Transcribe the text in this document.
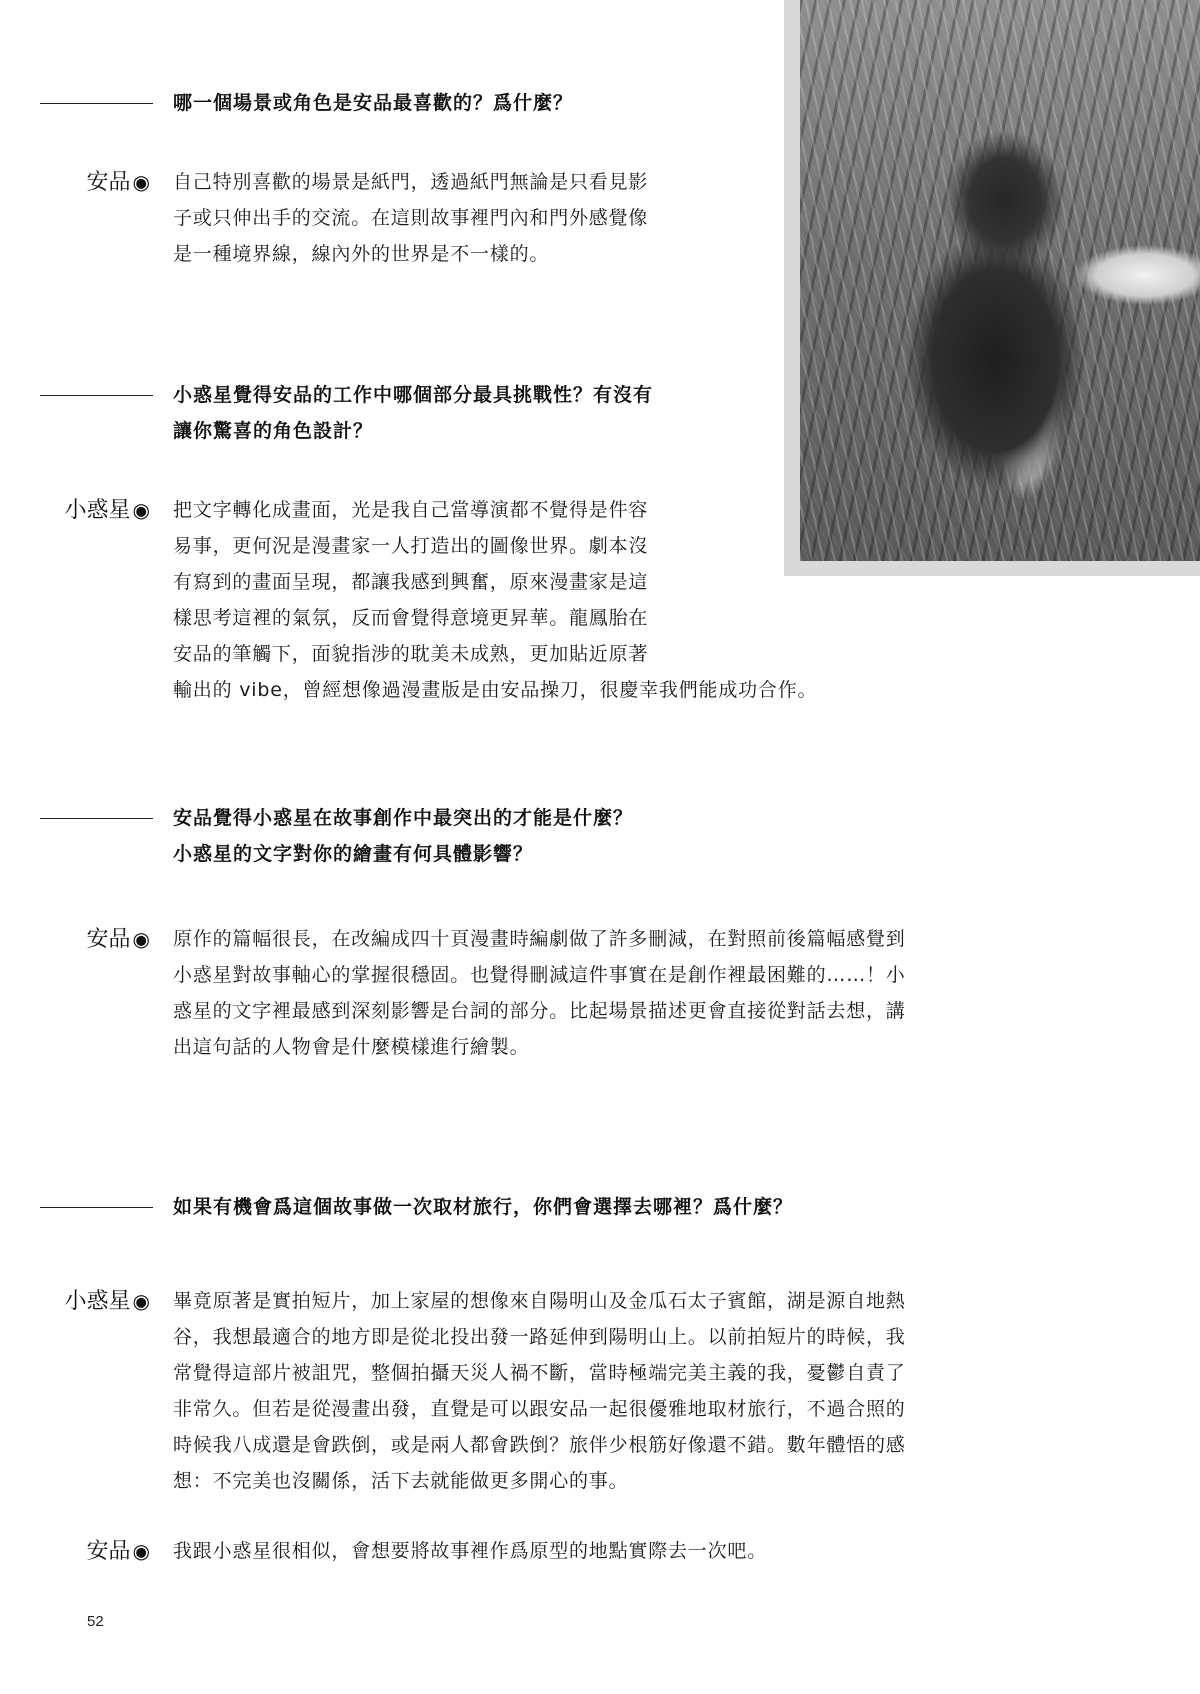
哪一個場景或角色是安品最喜歡的？爲什麼？
安品 ◉ 自己特別喜歡的場景是紙門，透過紙門無論是只看見影
子或只伸出手的交流。在這則故事裡門內和門外感覺像
是一種境界線，線內外的世界是不一樣的。
小惑星覺得安品的工作中哪個部分最具挑戰性？有沒有
讓你驚喜的角色設計？
小惑星 ◉ 把文字轉化成畫面，光是我自己當導演都不覺得是件容
易事，更何況是漫畫家一人打造出的圖像世界。劇本沒
有寫到的畫面呈現，都讓我感到興奮，原來漫畫家是這
樣思考這裡的氣氛，反而會覺得意境更昇華。龍鳳胎在
安品的筆觸下，面貌指涉的耽美未成熟，更加貼近原著
輸出的 vibe，曾經想像過漫畫版是由安品操刀，很慶幸我們能成功合作。
安品覺得小惑星在故事創作中最突出的才能是什麼？
小惑星的文字對你的繪畫有何具體影響？
安品 ◉ 原作的篇幅很長，在改編成四十頁漫畫時編劇做了許多刪減，在對照前後篇幅感覺到
小惑星對故事軸心的掌握很穩固。也覺得刪減這件事實在是創作裡最困難的……！小
惑星的文字裡最感到深刻影響是台詞的部分。比起場景描述更會直接從對話去想，講
出這句話的人物會是什麼模樣進行繪製。
如果有機會爲這個故事做一次取材旅行，你們會選擇去哪裡？爲什麼？
小惑星 ◉ 畢竟原著是實拍短片，加上家屋的想像來自陽明山及金瓜石太子賓館，湖是源自地熱
谷，我想最適合的地方即是從北投出發一路延伸到陽明山上。以前拍短片的時候，我
常覺得這部片被詛咒，整個拍攝天災人禍不斷，當時極端完美主義的我，憂鬱自責了
非常久。但若是從漫畫出發，直覺是可以跟安品一起很優雅地取材旅行，不過合照的
時候我八成還是會跌倒，或是兩人都會跌倒？旅伴少根筋好像還不錯。數年體悟的感
想：不完美也沒關係，活下去就能做更多開心的事。
安品 ◉ 我跟小惑星很相似，會想要將故事裡作爲原型的地點實際去一次吧。
52
